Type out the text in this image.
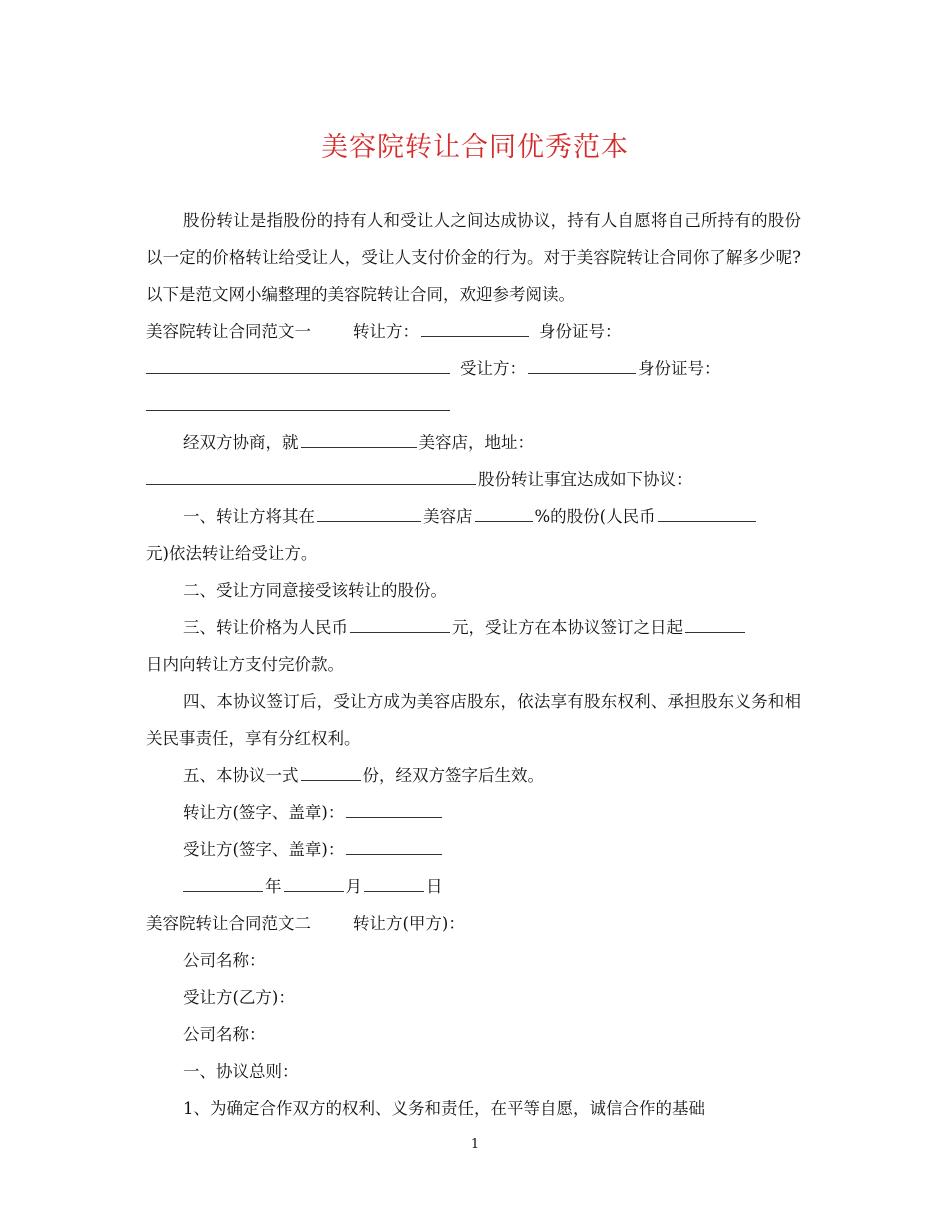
美容院转让合同优秀范本

股份转让是指股份的持有人和受让人之间达成协议，持有人自愿将自己所持有的股份以一定的价格转让给受让人，受让人支付价金的行为。对于美容院转让合同你了解多少呢?以下是范文网小编整理的美容院转让合同，欢迎参考阅读。

美容院转让合同范文一	转让方：	身份证号：

受让方：	身份证号：

经双方协商，就	美容店，地址：

股份转让事宜达成如下协议：

一、转让方将其在	美容店	%的股份(人民币

元)依法转让给受让方。

二、受让方同意接受该转让的股份。

三、转让价格为人民币	元，受让方在本协议签订之日起

日内向转让方支付完价款。

四、本协议签订后，受让方成为美容店股东，依法享有股东权利、承担股东义务和相关民事责任，享有分红权利。

五、本协议一式	份，经双方签字后生效。

转让方(签字、盖章)：

受让方(签字、盖章)：

年	月	日

美容院转让合同范文二	转让方(甲方)：

公司名称：

受让方(乙方)：

公司名称：

一、协议总则：

1、为确定合作双方的权利、义务和责任，在平等自愿，诚信合作的基础

1
